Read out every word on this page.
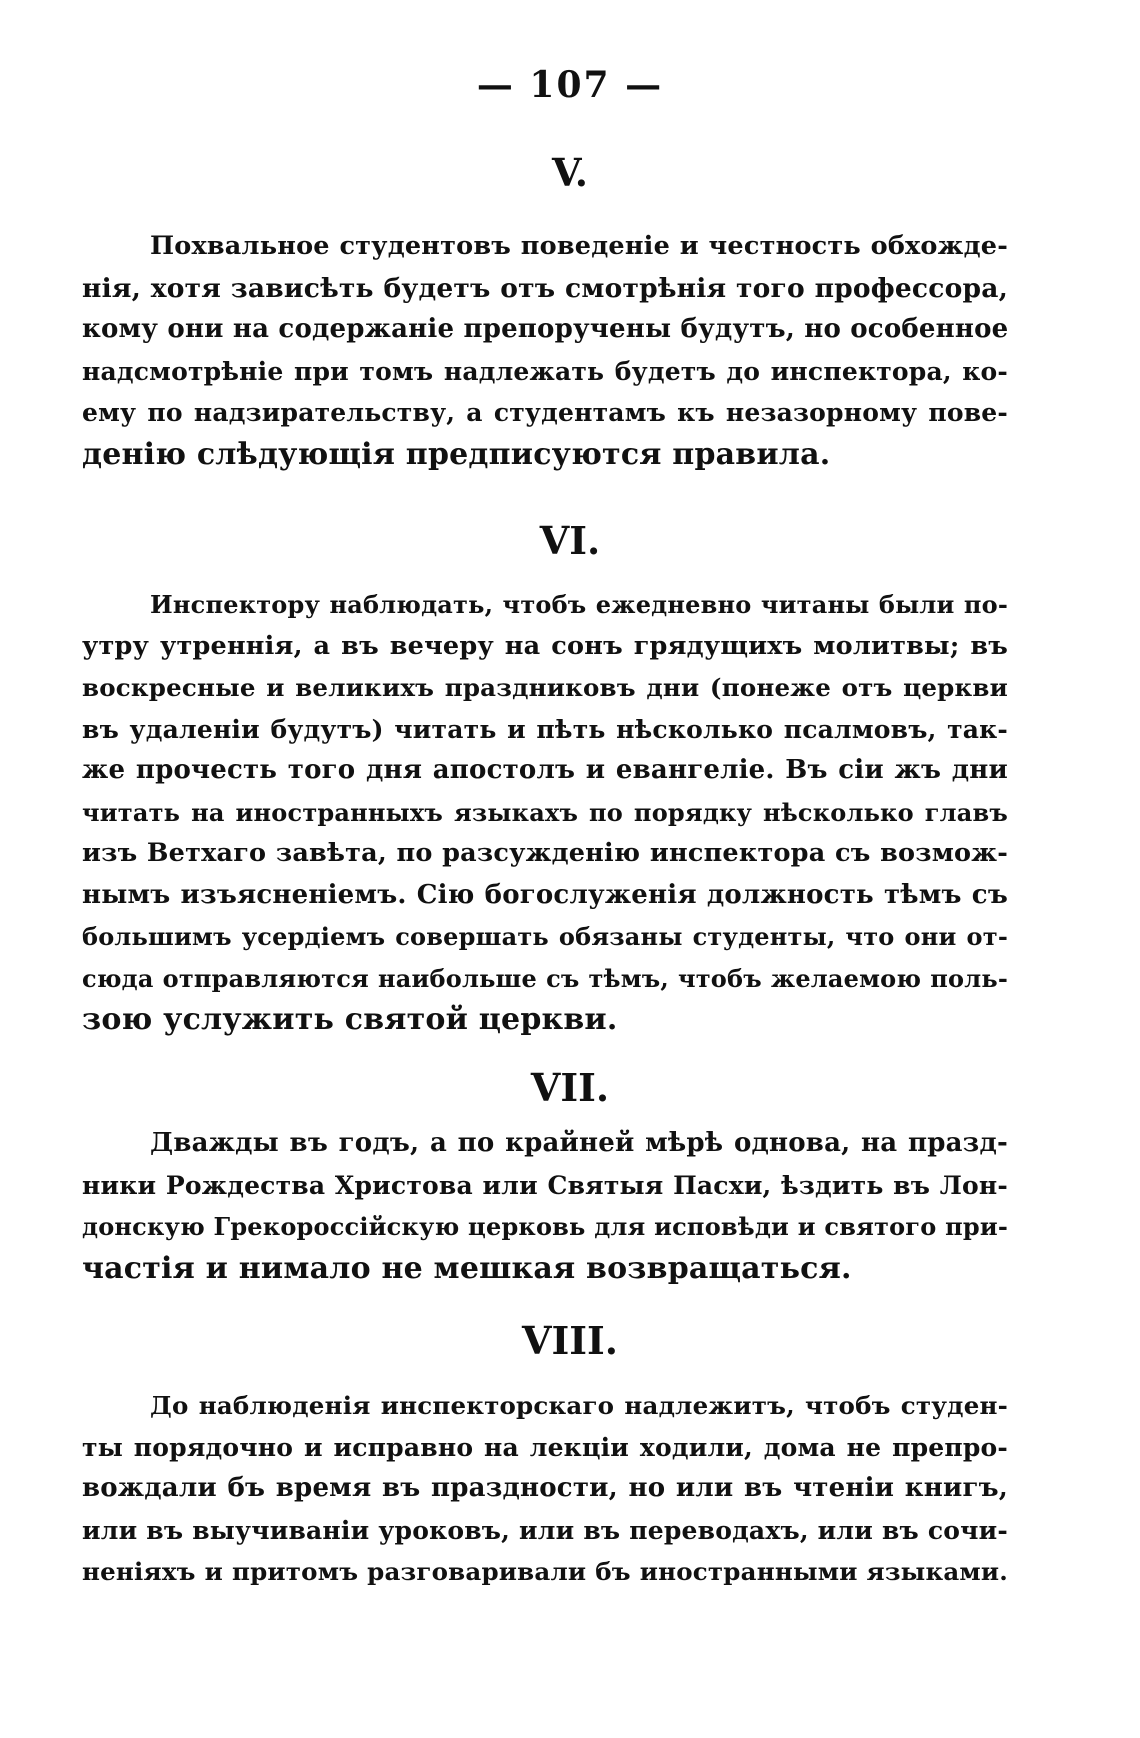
— 107 —

V.
Похвальное студентовъ поведеніе и честность обхожде-
нія, хотя зависѣть будетъ отъ смотрѣнія того профессора,
кому они на содержаніе препоручены будутъ, но особенное
надсмотрѣніе при томъ надлежать будетъ до инспектора, ко-
ему по надзирательству, а студентамъ къ незазорному пове-
денію слѣдующія предписуются правила.
VI.
Инспектору наблюдать, чтобъ ежедневно читаны были по-
утру утреннія, а въ вечеру на сонъ грядущихъ молитвы; въ
воскресные и великихъ праздниковъ дни (понеже отъ церкви
въ удаленіи будутъ) читать и пѣть нѣсколько псалмовъ, так-
же прочесть того дня апостолъ и евангеліе. Въ сіи жъ дни
читать на иностранныхъ языкахъ по порядку нѣсколько главъ
изъ Ветхаго завѣта, по разсужденію инспектора съ возмож-
нымъ изъясненіемъ. Сію богослуженія должность тѣмъ съ
большимъ усердіемъ совершать обязаны студенты, что они от-
сюда отправляются наибольше съ тѣмъ, чтобъ желаемою поль-
зою услужить святой церкви.
VII.
Дважды въ годъ, а по крайней мѣрѣ однова, на празд-
ники Рождества Христова или Святыя Пасхи, ѣздить въ Лон-
донскую Грекороссійскую церковь для исповѣди и святого при-
частія и нимало не мешкая возвращаться.
VIII.
До наблюденія инспекторскаго надлежитъ, чтобъ студен-
ты порядочно и исправно на лекціи ходили, дома не препро-
вождали бъ время въ праздности, но или въ чтеніи книгъ,
или въ выучиваніи уроковъ, или въ переводахъ, или въ сочи-
неніяхъ и притомъ разговаривали бъ иностранными языками.
